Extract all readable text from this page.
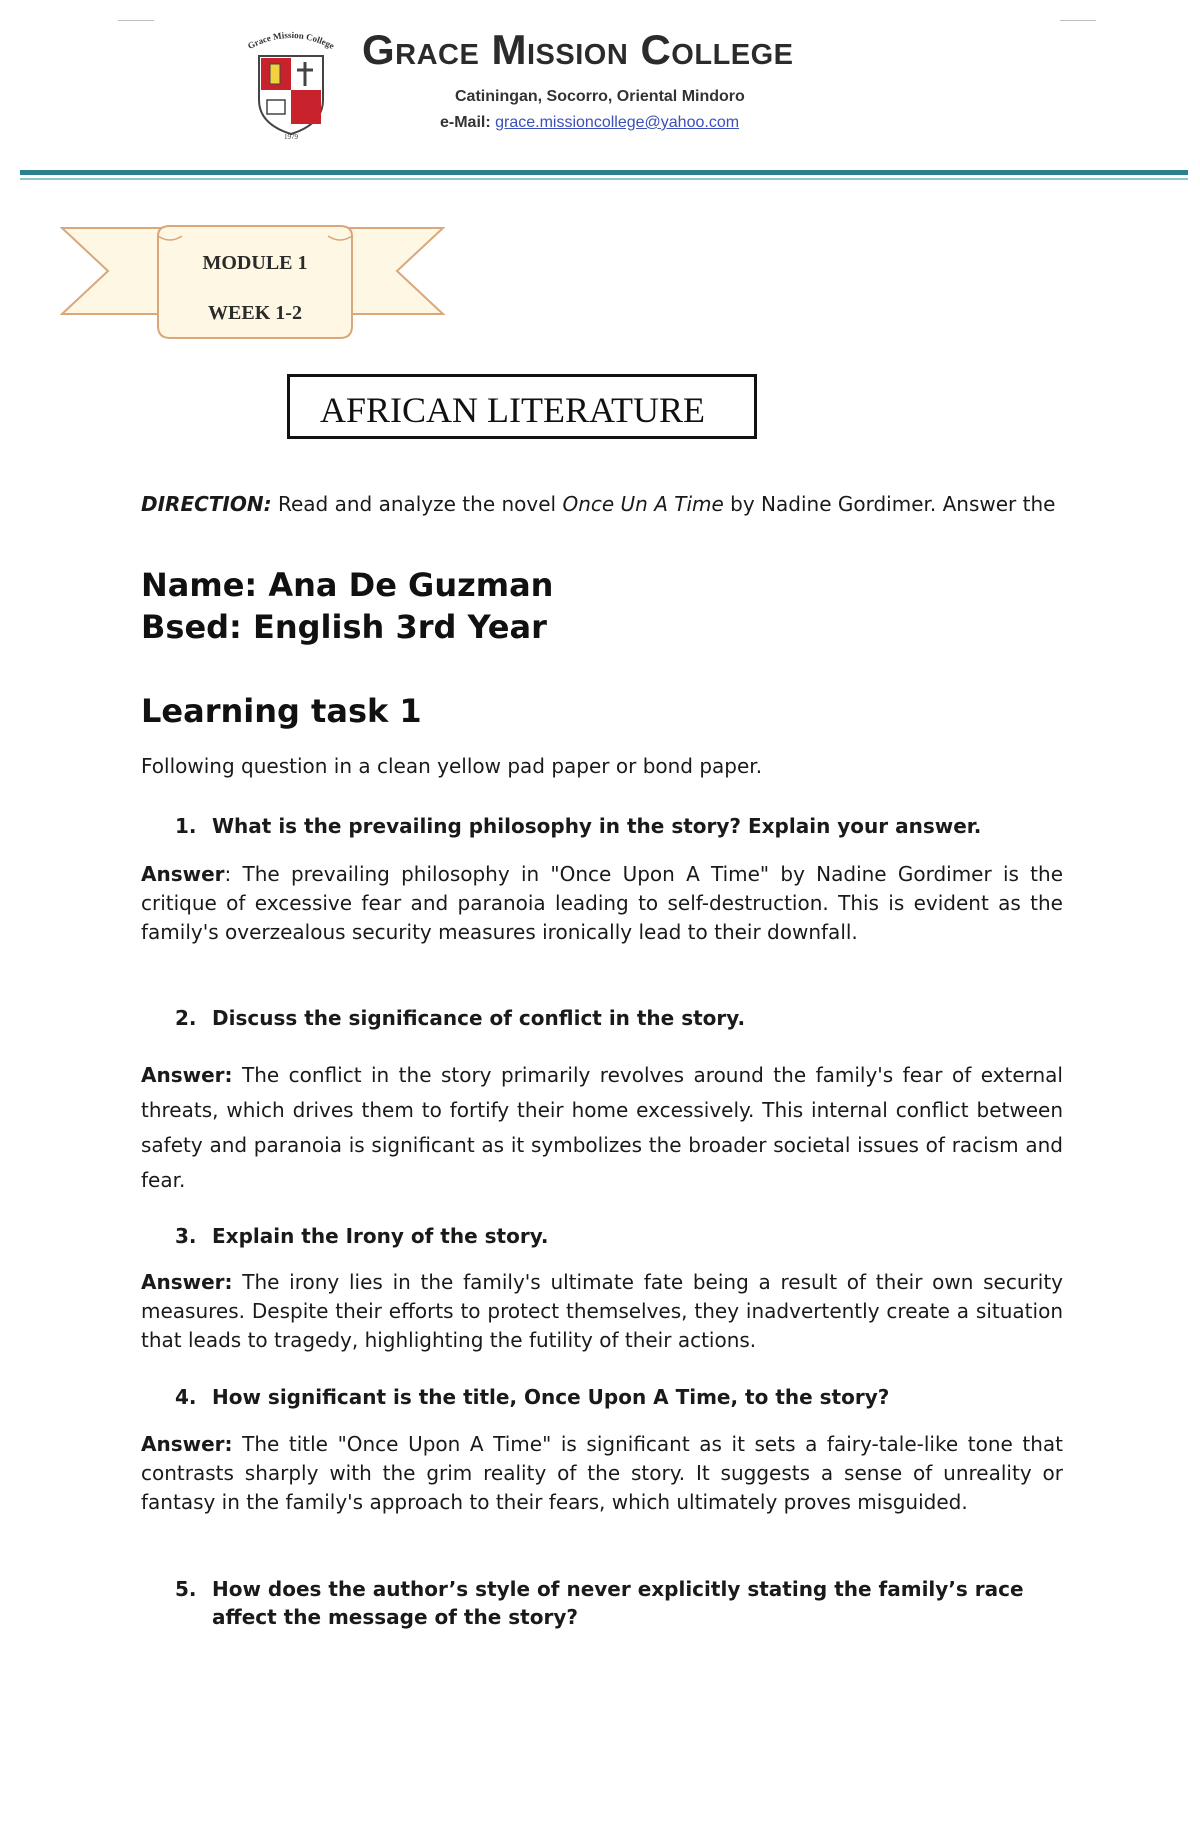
Grace Mission College
1979
Grace Mission College
Catiningan, Socorro, Oriental Mindoro
e-Mail: grace.missioncollege@yahoo.com
MODULE 1
WEEK 1-2
AFRICAN LITERATURE
DIRECTION: Read and analyze the novel Once Un A Time by Nadine Gordimer. Answer the
Name: Ana De Guzman
Bsed: English 3rd Year
Learning task 1
Following question in a clean yellow pad paper or bond paper.
1. What is the prevailing philosophy in the story? Explain your answer.
Answer: The prevailing philosophy in "Once Upon A Time" by Nadine Gordimer is the critique of excessive fear and paranoia leading to self-destruction. This is evident as the family's overzealous security measures ironically lead to their downfall.
2. Discuss the significance of conflict in the story.
Answer: The conflict in the story primarily revolves around the family's fear of external threats, which drives them to fortify their home excessively. This internal conflict between safety and paranoia is significant as it symbolizes the broader societal issues of racism and fear.
3. Explain the Irony of the story.
Answer: The irony lies in the family's ultimate fate being a result of their own security measures. Despite their efforts to protect themselves, they inadvertently create a situation that leads to tragedy, highlighting the futility of their actions.
4. How significant is the title, Once Upon A Time, to the story?
Answer: The title "Once Upon A Time" is significant as it sets a fairy-tale-like tone that contrasts sharply with the grim reality of the story. It suggests a sense of unreality or fantasy in the family's approach to their fears, which ultimately proves misguided.
5. How does the author’s style of never explicitly stating the family’s race affect the message of the story?
